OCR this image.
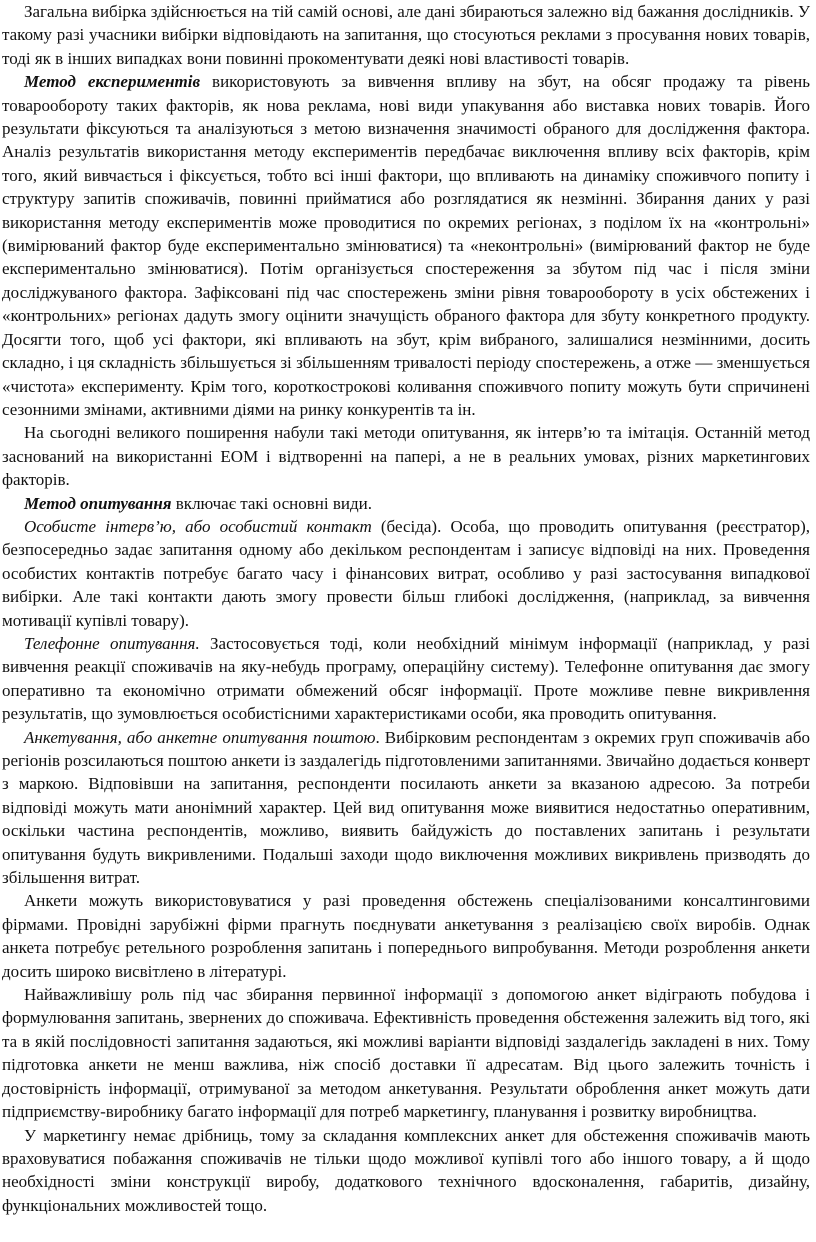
Загальна вибірка здійснюється на тій самій основі, але дані збираються залежно від бажання дослідників. У такому разі учасники вибірки відповідають на запитання, що стосуються реклами з просування нових товарів, тоді як в інших випадках вони повинні прокоментувати деякі нові властивості товарів.

Метод експериментів використовують за вивчення впливу на збут, на обсяг продажу та рівень товарообороту таких факторів, як нова реклама, нові види упакування або виставка нових товарів. Його результати фіксуються та аналізуються з метою визначення значимості обраного для дослідження фактора. Аналіз результатів використання методу експериментів передбачає виключення впливу всіх факторів, крім того, який вивчається і фіксується, тобто всі інші фактори, що впливають на динаміку споживчого попиту і структуру запитів споживачів, повинні прийматися або розглядатися як незмінні. Збирання даних у разі використання методу експериментів може проводитися по окремих регіонах, з поділом їх на «контрольні» (вимірюваний фактор буде експериментально змінюватися) та «неконтрольні» (вимірюваний фактор не буде експериментально змінюватися). Потім організується спостереження за збутом під час і після зміни досліджуваного фактора. Зафіксовані під час спостережень зміни рівня товарообороту в усіх обстежених і «контрольних» регіонах дадуть змогу оцінити значущість обраного фактора для збуту конкретного продукту. Досягти того, щоб усі фактори, які впливають на збут, крім вибраного, залишалися незмінними, досить складно, і ця складність збільшується зі збільшенням тривалості періоду спостережень, а отже — зменшується «чистота» експерименту. Крім того, короткострокові коливання споживчого попиту можуть бути спричинені сезонними змінами, активними діями на ринку конкурентів та ін.

На сьогодні великого поширення набули такі методи опитування, як інтерв’ю та імітація. Останній метод заснований на використанні ЕОМ і відтворенні на папері, а не в реальних умовах, різних маркетингових факторів.

Метод опитування включає такі основні види.

Особисте інтерв’ю, або особистий контакт (бесіда). Особа, що проводить опитування (реєстратор), безпосередньо задає запитання одному або декільком респондентам і записує відповіді на них. Проведення особистих контактів потребує багато часу і фінансових витрат, особливо у разі застосування випадкової вибірки. Але такі контакти дають змогу провести більш глибокі дослідження, (наприклад, за вивчення мотивації купівлі товару).

Телефонне опитування. Застосовується тоді, коли необхідний мінімум інформації (наприклад, у разі вивчення реакції споживачів на яку-небудь програму, операційну систему). Телефонне опитування дає змогу оперативно та економічно отримати обмежений обсяг інформації. Проте можливе певне викривлення результатів, що зумовлюється особистісними характеристиками особи, яка проводить опитування.

Анкетування, або анкетне опитування поштою. Вибірковим респондентам з окремих груп споживачів або регіонів розсилаються поштою анкети із заздалегідь підготовленими запитаннями. Звичайно додається конверт з маркою. Відповівши на запитання, респонденти посилають анкети за вказаною адресою. За потреби відповіді можуть мати анонімний характер. Цей вид опитування може виявитися недостатньо оперативним, оскільки частина респондентів, можливо, виявить байдужість до поставлених запитань і результати опитування будуть викривленими. Подальші заходи щодо виключення можливих викривлень призводять до збільшення витрат.

Анкети можуть використовуватися у разі проведення обстежень спеціалізованими консалтинговими фірмами. Провідні зарубіжні фірми прагнуть поєднувати анкетування з реалізацією своїх виробів. Однак анкета потребує ретельного розроблення запитань і попереднього випробування. Методи розроблення анкети досить широко висвітлено в літературі.

Найважливішу роль під час збирання первинної інформації з допомогою анкет відіграють побудова і формулювання запитань, звернених до споживача. Ефективність проведення обстеження залежить від того, які та в якій послідовності запитання задаються, які можливі варіанти відповіді заздалегідь закладені в них. Тому підготовка анкети не менш важлива, ніж спосіб доставки її адресатам. Від цього залежить точність і достовірність інформації, отримуваної за методом анкетування. Результати оброблення анкет можуть дати підприємству-виробнику багато інформації для потреб маркетингу, планування і розвитку виробництва.

У маркетингу немає дрібниць, тому за складання комплексних анкет для обстеження споживачів мають враховуватися побажання споживачів не тільки щодо можливої купівлі того або іншого товару, а й щодо необхідності зміни конструкції виробу, додаткового технічного вдосконалення, габаритів, дизайну, функціональних можливостей тощо.
